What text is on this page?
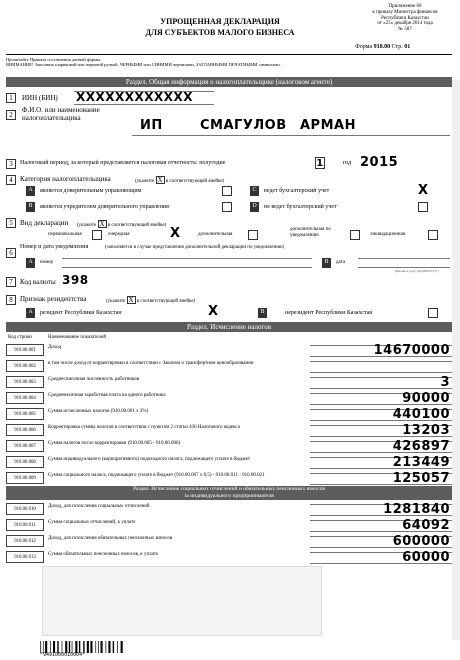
Приложение 68
к приказу Министра финансов
Республики Казахстан
от «25» декабря 2014 года
№ 587
УПРОЩЕННАЯ ДЕКЛАРАЦИЯ
ДЛЯ СУБЪЕКТОВ МАЛОГО БИЗНЕСА
Форма 910.00 Стр. 01
Прочитайте Правила составления данной формы.
ВНИМАНИЕ! Заполнять шариковой или перьевой ручкой, ЧЕРНЫМИ или СИНИМИ чернилами, ЗАГЛАВНЫМИ ПЕЧАТНЫМИ символами.
Раздел. Общая информация о налогоплательщике (налоговом агенте)
1	ИИН (БИН) XXXXXXXXXXXX
2
Ф.И.О. или наименование налогоплательщика	ИП	СМАГУЛОВ АРМАН
3	Налоговый период, за который представляется налоговая отчетность: полугодие	1	год 2015
4	Категория налогоплательщика	(укажите X в соответствующей ячейке)
A	является доверительным управляющим	C	ведет бухгалтерский учет	X
B	является учредителем доверительного управления	D	не ведет бухгалтерский учет
5	Вид декларации (укажите X в соответствующей ячейке)
первоначальная	очередная	X	дополнительная
дополнительная по уведомлению	ликвидационная
6
Номер и дата уведомления	(заполняется в случае представления дополнительной декларации по уведомлению)
A	номер	B	дата
(Введите дату ДД.ММ.ГГГГ)
7	Код валюты 398
8	Признак резидентства	(укажите X в соответствующей ячейке)
A	резидент Республики Казахстан	X	B	нерезидент Республики Казахстан
Раздел. Исчисление налогов
Код строки	Наименование показателей
910.00.001
Доход	14670000
910.00.002
в том числе доход от корректировки в соответствии с Законом о трансфертном ценообразовании
910.00.003
Среднесписочная численность работников	3
910.00.004
Среднемесячная заработная плата на одного работника	90000
910.00.005
Сумма исчисленных налогов (910.00.001 x 3%)	440100
910.00.006
Корректировка суммы налогов в соответствии с пунктом 2 статьи 436 Налогового кодекса	13203
910.00.007
Сумма налогов после корректировки (910.00.005 - 910.00.006)	426897
910.00.008
Сумма индивидуального (корпоративного) подоходного налога, подлежащего уплате в бюджет	213449
910.00.009
Сумма социального налога, подлежащего уплате в бюджет (910.00.007 x 0,5) - 910.00.011 - 910.00.021	125057
Раздел. Исчисление социальных отчислений и обязательных пенсионных взносов
за индивидуального предпринимателя
910.00.010
Доход, для исчисления социальных отчислений	1281840
910.00.011
Сумма социальных отчислений, к уплате	64092
910.00.012
Доход, для исчисления обязательных пенсионных взносов	600000
910.00.013
Сумма обязательных пенсионных взносов, к уплате	60000
*9491000010004*
